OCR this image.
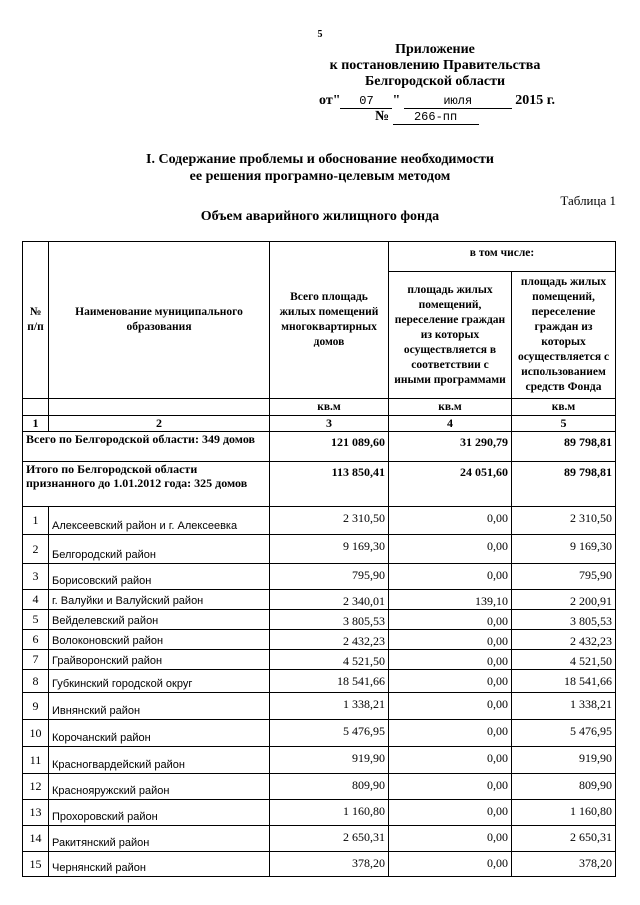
5
Приложение
к постановлению Правительства
Белгородской области
от" 07 "	июля	2015 г.
№ 266-пп
I. Содержание проблемы и обоснование необходимости
ее решения програмно-целевым методом
Таблица 1
Объем аварийного жилищного фонда
№ п/п	Наименование муниципального образования	Всего площадь жилых помещений многоквартирных домов	в том числе:	
			площадь жилых помещений, переселение граждан из которых осуществляется в соответствии с иными программами	площадь жилых помещений, переселение граждан из которых осуществляется с использованием средств Фонда
		кв.м	кв.м	кв.м
1	2	3	4	5
Всего по Белгородской области: 349 домов		121 089,60	31 290,79	89 798,81
Итого по Белгородской области признанного до 1.01.2012 года: 325 домов		113 850,41	24 051,60	89 798,81
1	Алексеевский район и г. Алексеевка	2 310,50	0,00	2 310,50
2	Белгородский район	9 169,30	0,00	9 169,30
3	Борисовский район	795,90	0,00	795,90
4	г. Валуйки и Валуйский район	2 340,01	139,10	2 200,91
5	Вейделевский район	3 805,53	0,00	3 805,53
6	Волоконовский район	2 432,23	0,00	2 432,23
7	Грайворонский район	4 521,50	0,00	4 521,50
8	Губкинский городской округ	18 541,66	0,00	18 541,66
9	Ивнянский район	1 338,21	0,00	1 338,21
10	Корочанский район	5 476,95	0,00	5 476,95
11	Красногвардейский район	919,90	0,00	919,90
12	Краснояружский район	809,90	0,00	809,90
13	Прохоровский район	1 160,80	0,00	1 160,80
14	Ракитянский район	2 650,31	0,00	2 650,31
15	Чернянский район	378,20	0,00	378,20
